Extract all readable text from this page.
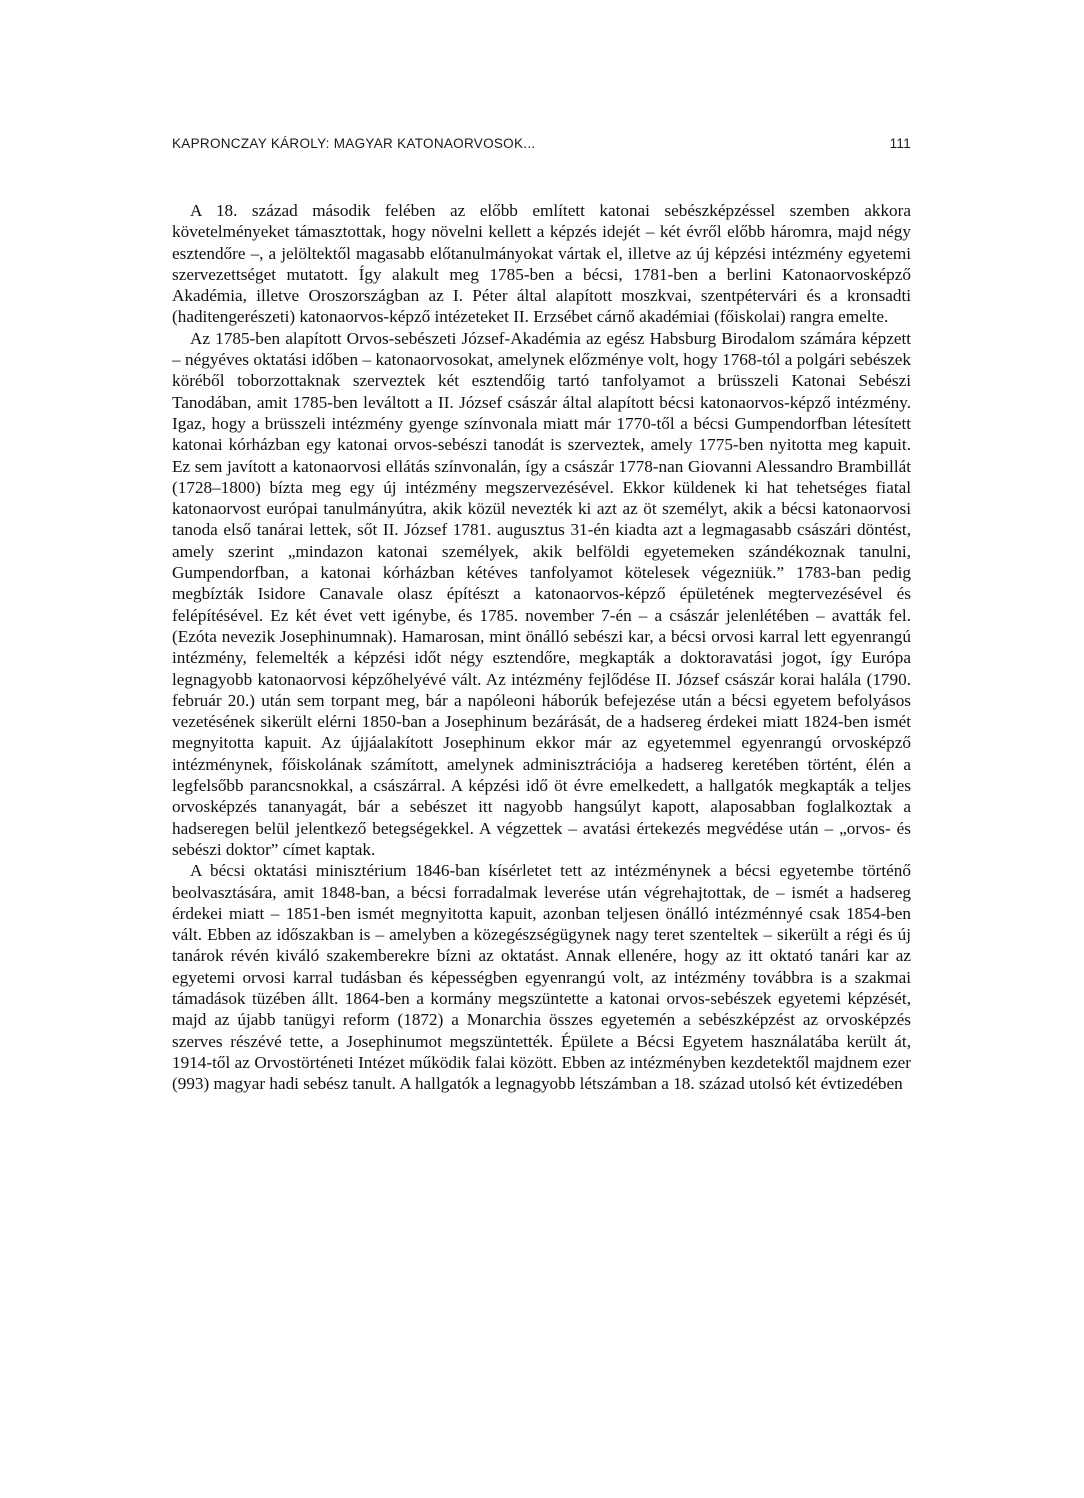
KAPRONCZAY KÁROLY: MAGYAR KATONAORVOSOK...	111

A 18. század második felében az előbb említett katonai sebészképzéssel szemben akkora követelményeket támasztottak, hogy növelni kellett a képzés idejét – két évről előbb háromra, majd négy esztendőre –, a jelöltektől magasabb előtanulmányokat vártak el, illetve az új képzési intézmény egyetemi szervezettséget mutatott. Így alakult meg 1785-ben a bécsi, 1781-ben a berlini Katonaorvosképző Akadémia, illetve Oroszországban az I. Péter által alapított moszkvai, szentpétervári és a kronsadti (haditengerészeti) katonaorvos-képző intézeteket II. Erzsébet cárnő akadémiai (főiskolai) rangra emelte.

Az 1785-ben alapított Orvos-sebészeti József-Akadémia az egész Habsburg Birodalom számára képzett – négyéves oktatási időben – katonaorvosokat, amelynek előzménye volt, hogy 1768-tól a polgári sebészek köréből toborzottaknak szerveztek két esztendőig tartó tanfolyamot a brüsszeli Katonai Sebészi Tanodában, amit 1785-ben leváltott a II. József császár által alapított bécsi katonaorvos-képző intézmény. Igaz, hogy a brüsszeli intézmény gyenge színvonala miatt már 1770-től a bécsi Gumpendorfban létesített katonai kórházban egy katonai orvos-sebészi tanodát is szerveztek, amely 1775-ben nyitotta meg kapuit. Ez sem javított a katonaorvosi ellátás színvonalán, így a császár 1778-nan Giovanni Alessandro Brambillát (1728–1800) bízta meg egy új intézmény megszervezésével. Ekkor küldenek ki hat tehetséges fiatal katonaorvost európai tanulmányútra, akik közül nevezték ki azt az öt személyt, akik a bécsi katonaorvosi tanoda első tanárai lettek, sőt II. József 1781. augusztus 31-én kiadta azt a legmagasabb császári döntést, amely szerint „mindazon katonai személyek, akik belföldi egyetemeken szándékoznak tanulni, Gumpendorfban, a katonai kórházban kétéves tanfolyamot kötelesek végezniük.” 1783-ban pedig megbízták Isidore Canavale olasz építészt a katonaorvos-képző épületének megtervezésével és felépítésével. Ez két évet vett igénybe, és 1785. november 7-én – a császár jelenlétében – avatták fel. (Ezóta nevezik Josephinumnak). Hamarosan, mint önálló sebészi kar, a bécsi orvosi karral lett egyenrangú intézmény, felemelték a képzési időt négy esztendőre, megkapták a doktoravatási jogot, így Európa legnagyobb katonaorvosi képzőhelyévé vált. Az intézmény fejlődése II. József császár korai halála (1790. február 20.) után sem torpant meg, bár a napóleoni háborúk befejezése után a bécsi egyetem befolyásos vezetésének sikerült elérni 1850-ban a Josephinum bezárását, de a hadsereg érdekei miatt 1824-ben ismét megnyitotta kapuit. Az újjáalakított Josephinum ekkor már az egyetemmel egyenrangú orvosképző intézménynek, főiskolának számított, amelynek adminisztrációja a hadsereg keretében történt, élén a legfelsőbb parancsnokkal, a császárral. A képzési idő öt évre emelkedett, a hallgatók megkapták a teljes orvosképzés tananyagát, bár a sebészet itt nagyobb hangsúlyt kapott, alaposabban foglalkoztak a hadseregen belül jelentkező betegségekkel. A végzettek – avatási értekezés megvédése után – „orvos- és sebészi doktor” címet kaptak.

A bécsi oktatási minisztérium 1846-ban kísérletet tett az intézménynek a bécsi egyetembe történő beolvasztására, amit 1848-ban, a bécsi forradalmak leverése után végrehajtottak, de – ismét a hadsereg érdekei miatt – 1851-ben ismét megnyitotta kapuit, azonban teljesen önálló intézménnyé csak 1854-ben vált. Ebben az időszakban is – amelyben a közegészségügynek nagy teret szenteltek – sikerült a régi és új tanárok révén kiváló szakemberekre bízni az oktatást. Annak ellenére, hogy az itt oktató tanári kar az egyetemi orvosi karral tudásban és képességben egyenrangú volt, az intézmény továbbra is a szakmai támadások tüzében állt. 1864-ben a kormány megszüntette a katonai orvos-sebészek egyetemi képzését, majd az újabb tanügyi reform (1872) a Monarchia összes egyetemén a sebészképzést az orvosképzés szerves részévé tette, a Josephinumot megszüntették. Épülete a Bécsi Egyetem használatába került át, 1914-től az Orvostörténeti Intézet működik falai között. Ebben az intézményben kezdetektől majdnem ezer (993) magyar hadi sebész tanult. A hallgatók a legnagyobb létszámban a 18. század utolsó két évtizedében
